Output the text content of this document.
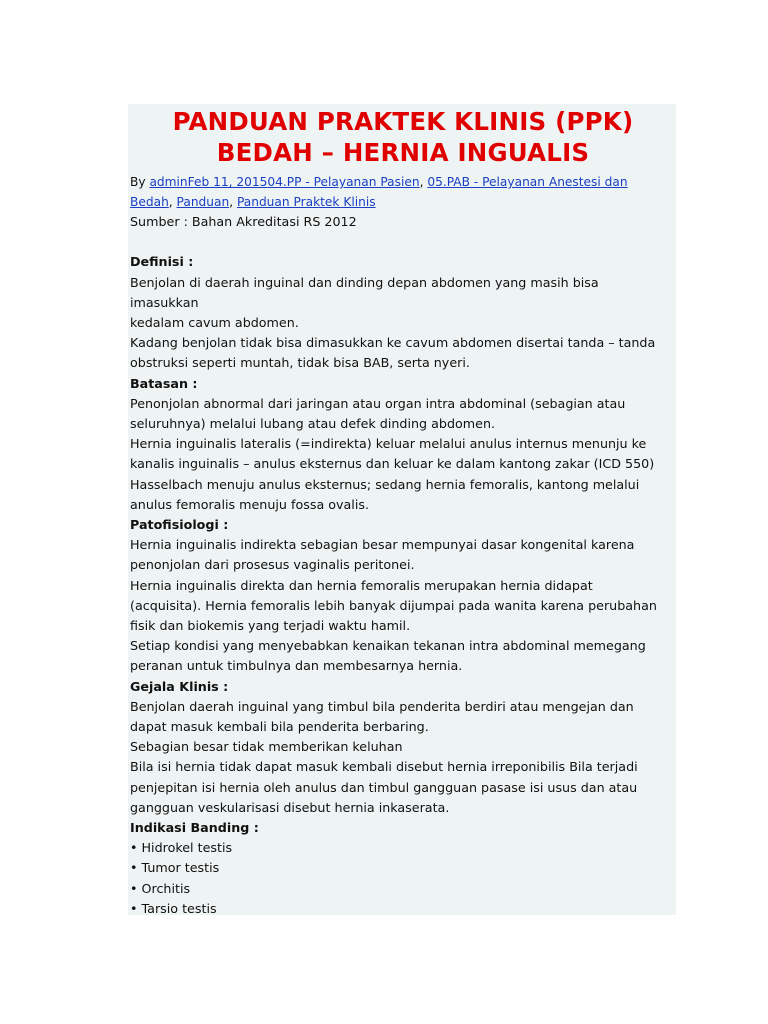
PANDUAN PRAKTEK KLINIS (PPK)
BEDAH – HERNIA INGUALIS
By adminFeb 11, 201504.PP - Pelayanan Pasien, 05.PAB - Pelayanan Anestesi dan
Bedah, Panduan, Panduan Praktek Klinis
Sumber : Bahan Akreditasi RS 2012
Definisi :
Benjolan di daerah inguinal dan dinding depan abdomen yang masih bisa
imasukkan
kedalam cavum abdomen.
Kadang benjolan tidak bisa dimasukkan ke cavum abdomen disertai tanda – tanda
obstruksi seperti muntah, tidak bisa BAB, serta nyeri.
Batasan :
Penonjolan abnormal dari jaringan atau organ intra abdominal (sebagian atau
seluruhnya) melalui lubang atau defek dinding abdomen.
Hernia inguinalis lateralis (=indirekta) keluar melalui anulus internus menunju ke
kanalis inguinalis – anulus eksternus dan keluar ke dalam kantong zakar (ICD 550)
Hasselbach menuju anulus eksternus; sedang hernia femoralis, kantong melalui
anulus femoralis menuju fossa ovalis.
Patofisiologi :
Hernia inguinalis indirekta sebagian besar mempunyai dasar kongenital karena
penonjolan dari prosesus vaginalis peritonei.
Hernia inguinalis direkta dan hernia femoralis merupakan hernia didapat
(acquisita). Hernia femoralis lebih banyak dijumpai pada wanita karena perubahan
fisik dan biokemis yang terjadi waktu hamil.
Setiap kondisi yang menyebabkan kenaikan tekanan intra abdominal memegang
peranan untuk timbulnya dan membesarnya hernia.
Gejala Klinis :
Benjolan daerah inguinal yang timbul bila penderita berdiri atau mengejan dan
dapat masuk kembali bila penderita berbaring.
Sebagian besar tidak memberikan keluhan
Bila isi hernia tidak dapat masuk kembali disebut hernia irreponibilis Bila terjadi
penjepitan isi hernia oleh anulus dan timbul gangguan pasase isi usus dan atau
gangguan veskularisasi disebut hernia inkaserata.
Indikasi Banding :
• Hidrokel testis
• Tumor testis
• Orchitis
• Tarsio testis
